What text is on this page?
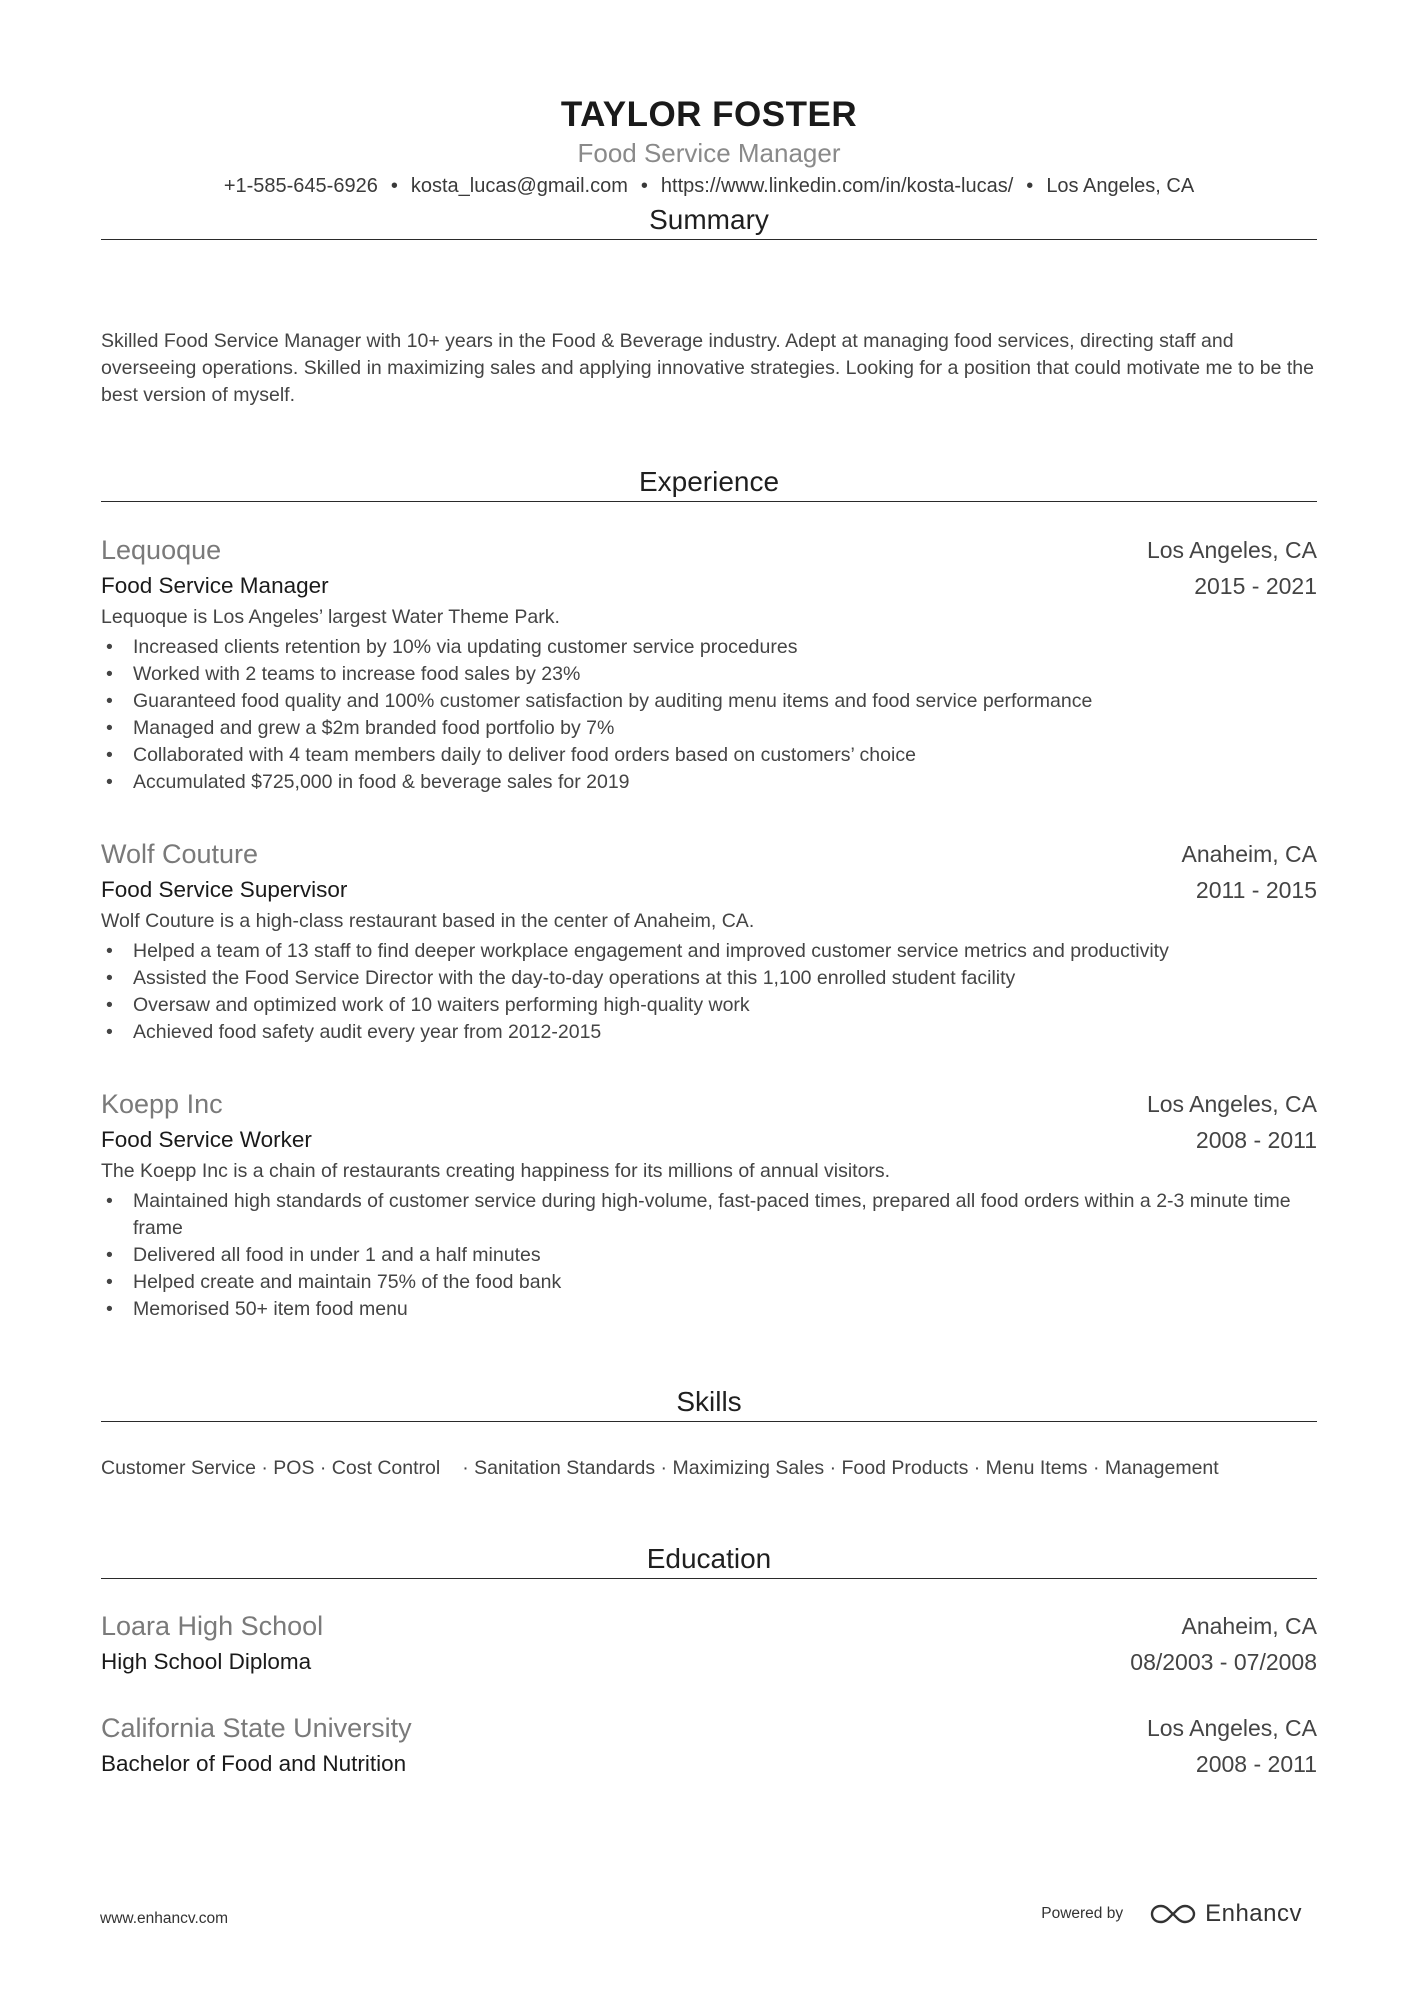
TAYLOR FOSTER
Food Service Manager
+1-585-645-6926 • kosta_lucas@gmail.com • https://www.linkedin.com/in/kosta-lucas/ • Los Angeles, CA
Summary
Skilled Food Service Manager with 10+ years in the Food & Beverage industry. Adept at managing food services, directing staff and overseeing operations. Skilled in maximizing sales and applying innovative strategies. Looking for a position that could motivate me to be the best version of myself.
Experience
Lequoque	Los Angeles, CA
Food Service Manager	2015 - 2021
Lequoque is Los Angeles’ largest Water Theme Park.
• Increased clients retention by 10% via updating customer service procedures
• Worked with 2 teams to increase food sales by 23%
• Guaranteed food quality and 100% customer satisfaction by auditing menu items and food service performance
• Managed and grew a $2m branded food portfolio by 7%
• Collaborated with 4 team members daily to deliver food orders based on customers’ choice
• Accumulated $725,000 in food & beverage sales for 2019
Wolf Couture	Anaheim, CA
Food Service Supervisor	2011 - 2015
Wolf Couture is a high-class restaurant based in the center of Anaheim, CA.
• Helped a team of 13 staff to find deeper workplace engagement and improved customer service metrics and productivity
• Assisted the Food Service Director with the day-to-day operations at this 1,100 enrolled student facility
• Oversaw and optimized work of 10 waiters performing high-quality work
• Achieved food safety audit every year from 2012-2015
Koepp Inc	Los Angeles, CA
Food Service Worker	2008 - 2011
The Koepp Inc is a chain of restaurants creating happiness for its millions of annual visitors.
• Maintained high standards of customer service during high-volume, fast-paced times, prepared all food orders within a 2-3 minute time frame
• Delivered all food in under 1 and a half minutes
• Helped create and maintain 75% of the food bank
• Memorised 50+ item food menu
Skills
Customer Service · POS · Cost Control · Sanitation Standards · Maximizing Sales · Food Products · Menu Items · Management
Education
Loara High School	Anaheim, CA
High School Diploma	08/2003 - 07/2008
California State University	Los Angeles, CA
Bachelor of Food and Nutrition	2008 - 2011
www.enhancv.com	Powered by	Enhancv
